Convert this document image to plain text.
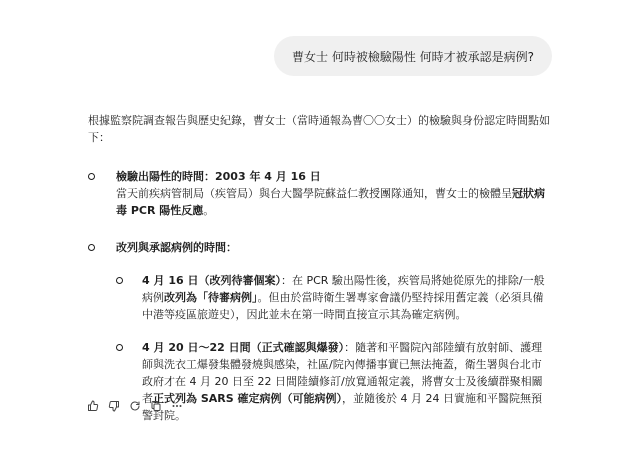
曹女士 何時被檢驗陽性 何時才被承認是病例?

根據監察院調查報告與歷史紀錄，曹女士（當時通報為曹〇〇女士）的檢驗與身份認定時間點如下：

檢驗出陽性的時間：2003 年 4 月 16 日
當天前疾病管制局（疾管局）與台大醫學院蘇益仁教授團隊通知，曹女士的檢體呈冠狀病毒 PCR 陽性反應。
改列與承認病例的時間：
4 月 16 日（改列待審個案）：在 PCR 驗出陽性後，疾管局將她從原先的排除/一般病例改列為「待審病例」。但由於當時衛生署專家會議仍堅持採用舊定義（必須具備中港等疫區旅遊史），因此並未在第一時間直接宣示其為確定病例。
4 月 20 日～22 日間（正式確認與爆發）：隨著和平醫院內部陸續有放射師、護理師與洗衣工爆發集體發燒與感染，社區/院內傳播事實已無法掩蓋，衛生署與台北市政府才在 4 月 20 日至 22 日間陸續修訂/放寬通報定義，將曹女士及後續群聚相關者正式列為 SARS 確定病例（可能病例），並隨後於 4 月 24 日實施和平醫院無預警封院。
